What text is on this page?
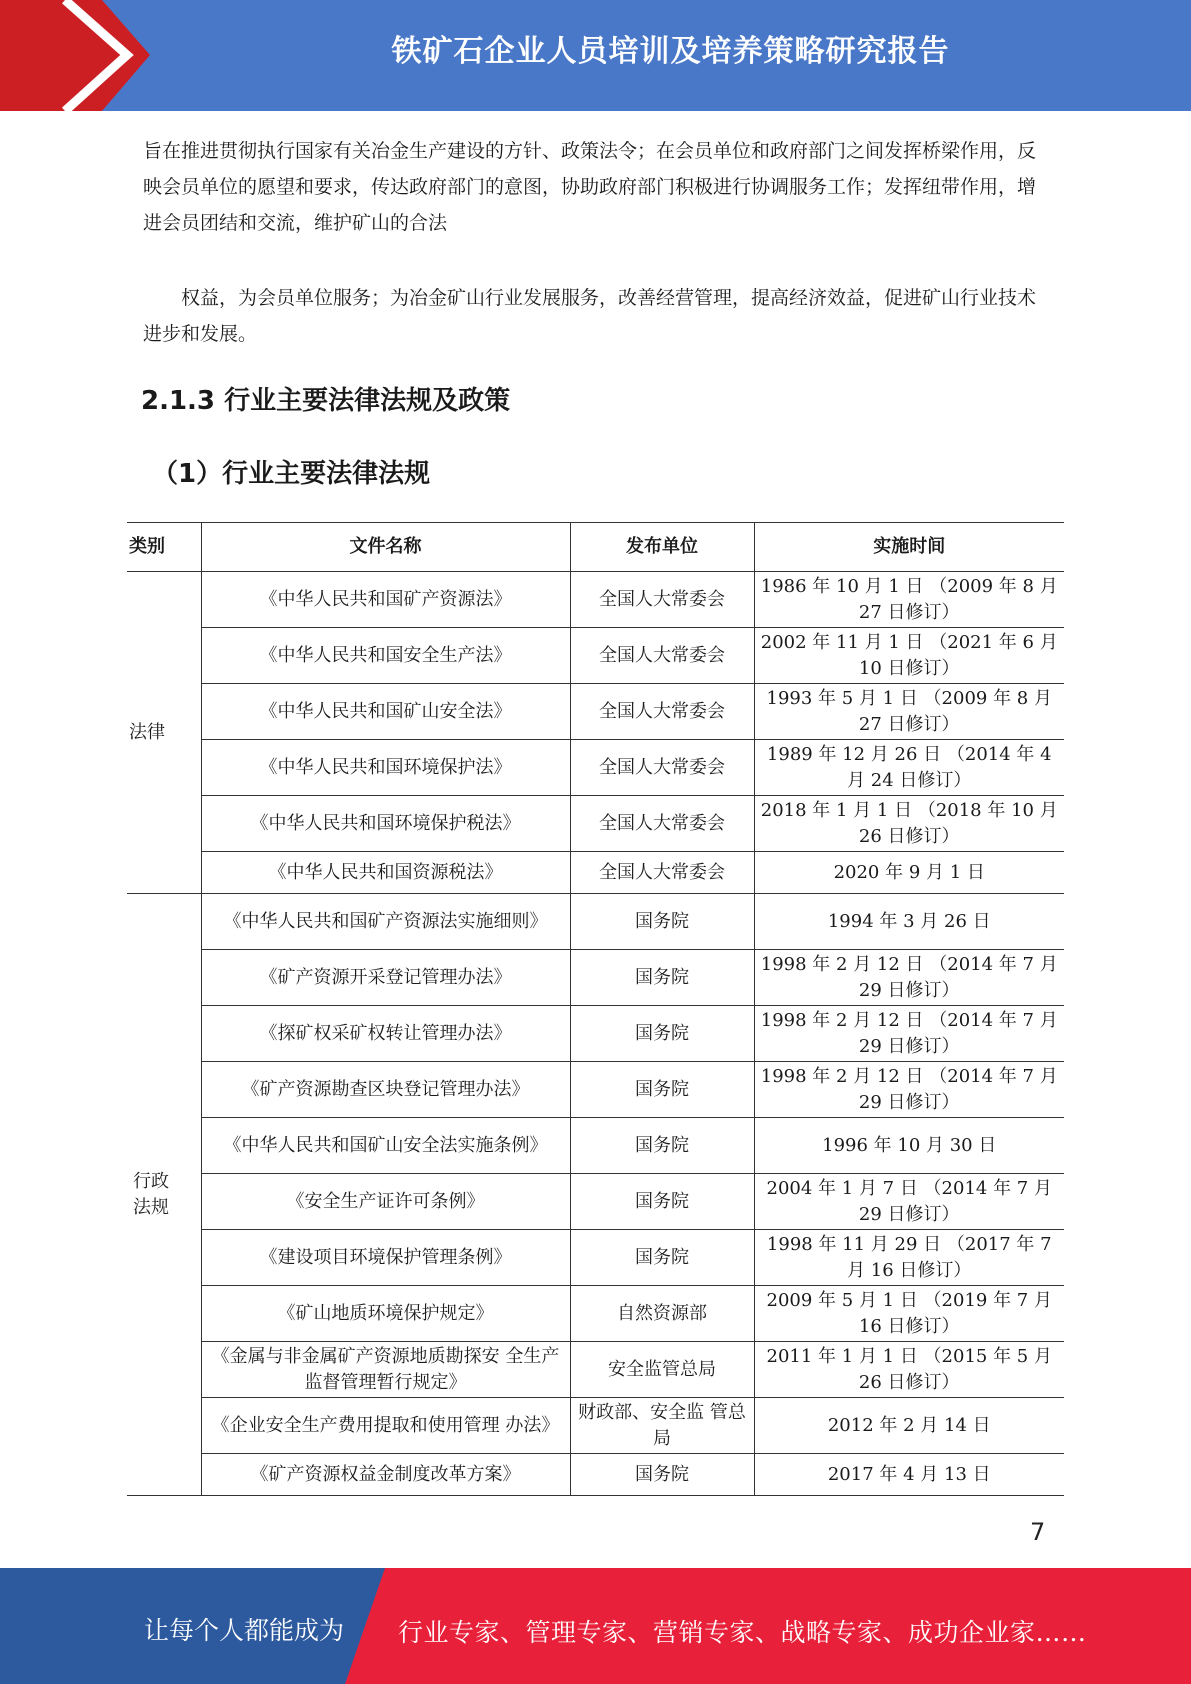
铁矿石企业人员培训及培养策略研究报告

旨在推进贯彻执行国家有关冶金生产建设的方针、政策法令；在会员单位和政府部门之间发挥桥梁作用，反映会员单位的愿望和要求，传达政府部门的意图，协助政府部门积极进行协调服务工作；发挥纽带作用，增进会员团结和交流，维护矿山的合法

权益，为会员单位服务；为冶金矿山行业发展服务，改善经营管理，提高经济效益，促进矿山行业技术进步和发展。

2.1.3 行业主要法律法规及政策
（1）行业主要法律法规
类别	文件名称	发布单位	实施时间
法律	《中华人民共和国矿产资源法》	全国人大常委会	1986 年 10 月 1 日 （2009 年 8 月 27 日修订）
	《中华人民共和国安全生产法》	全国人大常委会	2002 年 11 月 1 日 （2021 年 6 月 10 日修订）
	《中华人民共和国矿山安全法》	全国人大常委会	1993 年 5 月 1 日 （2009 年 8 月 27 日修订）
	《中华人民共和国环境保护法》	全国人大常委会	1989 年 12 月 26 日 （2014 年 4 月 24 日修订）
	《中华人民共和国环境保护税法》	全国人大常委会	2018 年 1 月 1 日 （2018 年 10 月 26 日修订）
	《中华人民共和国资源税法》	全国人大常委会	2020 年 9 月 1 日

行政
法规	《中华人民共和国矿产资源法实施细则》	国务院	1994 年 3 月 26 日
	《矿产资源开采登记管理办法》	国务院	1998 年 2 月 12 日 （2014 年 7 月 29 日修订）
	《探矿权采矿权转让管理办法》	国务院	1998 年 2 月 12 日 （2014 年 7 月 29 日修订）
	《矿产资源勘查区块登记管理办法》	国务院	1998 年 2 月 12 日 （2014 年 7 月 29 日修订）
	《中华人民共和国矿山安全法实施条例》	国务院	1996 年 10 月 30 日
	《安全生产证许可条例》	国务院	2004 年 1 月 7 日 （2014 年 7 月 29 日修订）
	《建设项目环境保护管理条例》	国务院	1998 年 11 月 29 日 （2017 年 7 月 16 日修订）
	《矿山地质环境保护规定》	自然资源部	2009 年 5 月 1 日 （2019 年 7 月 16 日修订）
	《金属与非金属矿产资源地质勘探安 全生产监督管理暂行规定》	安全监管总局	2011 年 1 月 1 日 （2015 年 5 月 26 日修订）
	《企业安全生产费用提取和使用管理 办法》	财政部、安全监 管总局	2012 年 2 月 14 日
	《矿产资源权益金制度改革方案》	国务院	2017 年 4 月 13 日
7
让每个人都能成为 行业专家、管理专家、营销专家、战略专家、成功企业家……
